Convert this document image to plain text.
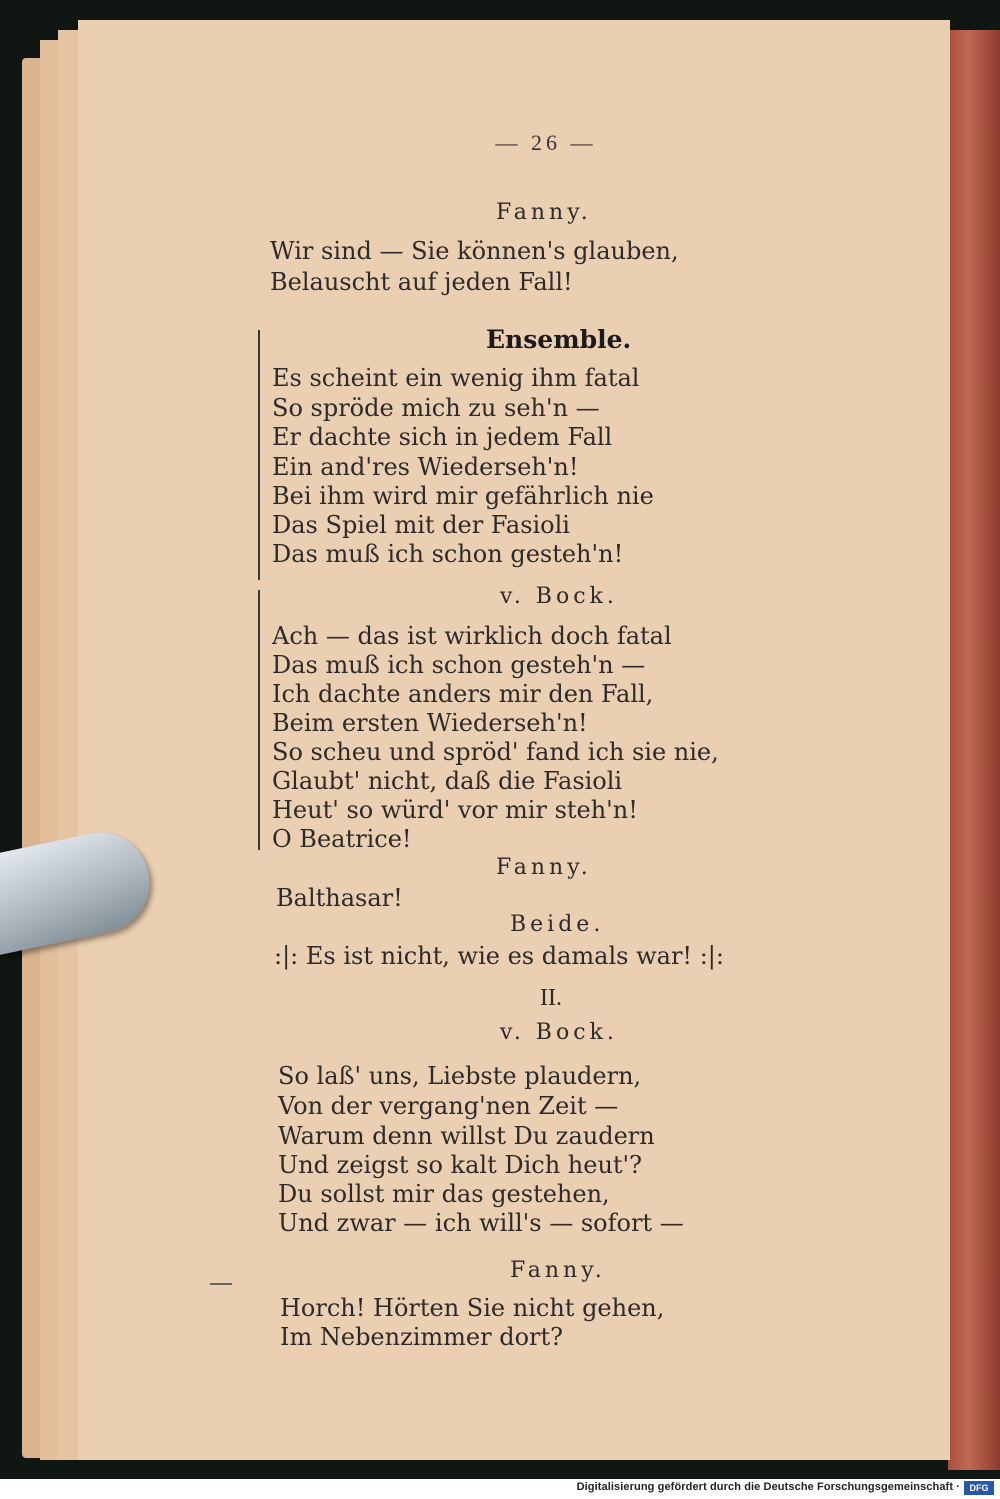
— 26 —
Fanny.
Wir sind — Sie können's glauben,
Belauscht auf jeden Fall!
Ensemble.
Es scheint ein wenig ihm fatal
So spröde mich zu seh'n —
Er dachte sich in jedem Fall
Ein and'res Wiederseh'n!
Bei ihm wird mir gefährlich nie
Das Spiel mit der Fasioli
Das muß ich schon gesteh'n!
v. Bock.
Ach — das ist wirklich doch fatal
Das muß ich schon gesteh'n —
Ich dachte anders mir den Fall,
Beim ersten Wiederseh'n!
So scheu und spröd' fand ich sie nie,
Glaubt' nicht, daß die Fasioli
Heut' so würd' vor mir steh'n!
O Beatrice!
Fanny.
Balthasar!
Beide.
:|: Es ist nicht, wie es damals war! :|:
II.
v. Bock.
So laß' uns, Liebste plaudern,
Von der vergang'nen Zeit —
Warum denn willst Du zaudern
Und zeigst so kalt Dich heut'?
Du sollst mir das gestehen,
Und zwar — ich will's — sofort —
Fanny.
Horch! Hörten Sie nicht gehen,
Im Nebenzimmer dort?
Digitalisierung gefördert durch die Deutsche Forschungsgemeinschaft ·	DFG
